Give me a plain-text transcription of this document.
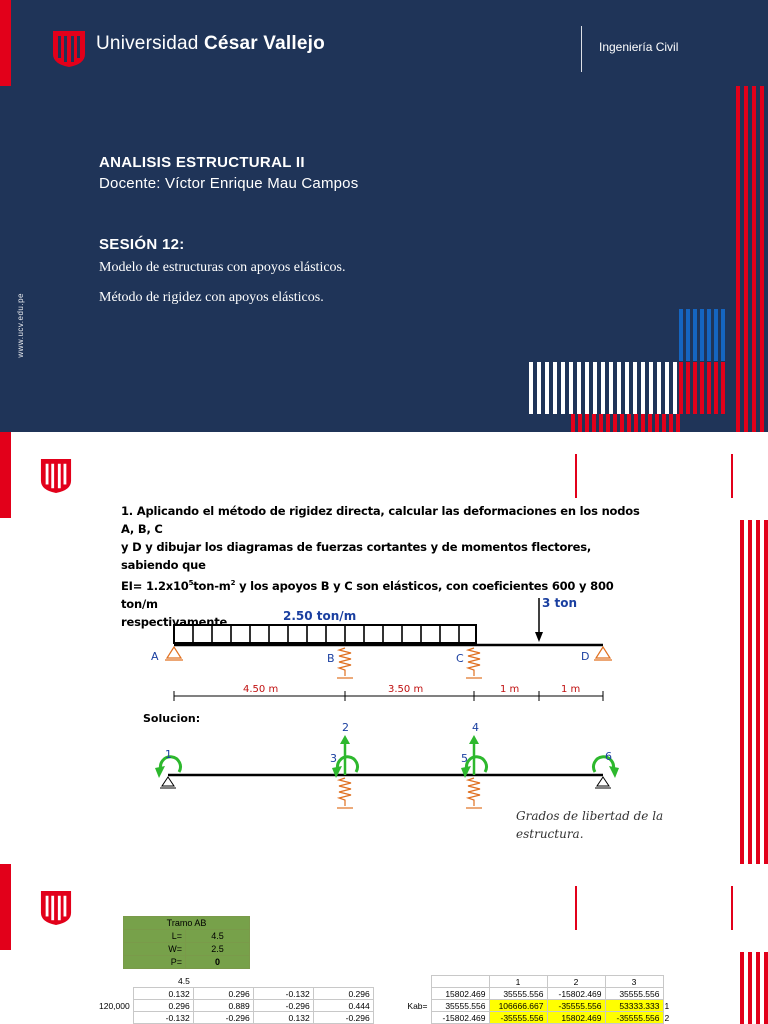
Universidad César Vallejo	Ingeniería Civil
www.ucv.edu.pe
ANALISIS ESTRUCTURAL II
Docente: Víctor Enrique Mau Campos
SESIÓN 12:
Modelo de estructuras con apoyos elásticos.
Método de rigidez con apoyos elásticos.
1. Aplicando el método de rigidez directa, calcular las deformaciones en los nodos A, B, C
y D y dibujar los diagramas de fuerzas cortantes y de momentos flectores, sabiendo que
$EI= 1.2x10^5ton-m^2$ y los apoyos B y C son elásticos, con coeficientes 600 y 800 ton/m
respectivamente	2.50 ton/m
3 ton
A	B	C	D
4.50 m	3.50 m	1 m	1 m
Solucion:
1
2
3
4
5	6
Grados de libertad de la
estructura.
Tramo AB	
L=	4.5
W=	2.5
P=	0
4.5
	0.132	0.296	-0.132	0.296
120,000	0.296	0.889	-0.296	0.444
	-0.132	-0.296	0.132	-0.296
		1	2	3	
	15802.469	35555.556	-15802.469	35555.556	
Kab=	35555.556	106666.667	-35555.556	53333.333	1
	-15802.469	-35555.556	15802.469	-35555.556	2
